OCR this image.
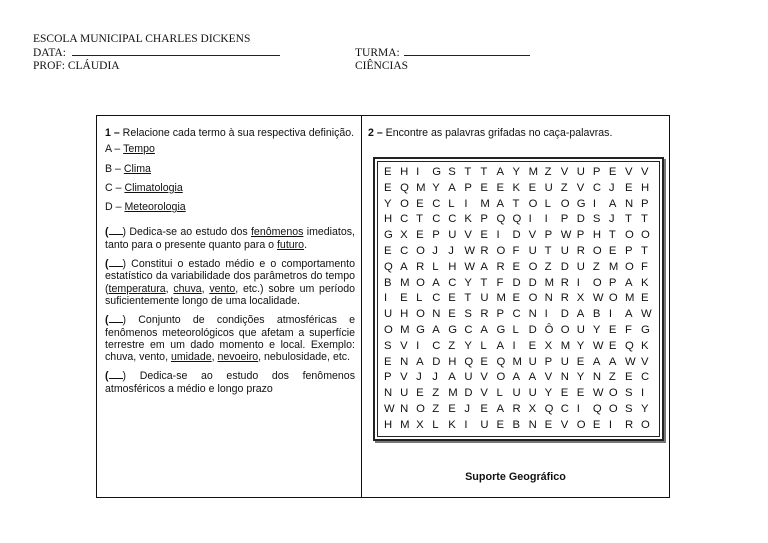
ESCOLA MUNICIPAL CHARLES DICKENS
DATA:
PROF: CLÁUDIA
TURMA:
CIÊNCIAS
1 – Relacione cada termo à sua respectiva definição.
A – Tempo
B – Clima
C – Climatologia
D – Meteorologia
( ) Dedica-se ao estudo dos fenômenos imediatos, tanto para o presente quanto para o futuro.
( ) Constitui o estado médio e o comportamento estatístico da variabilidade dos parâmetros do tempo (temperatura, chuva, vento, etc.) sobre um período suficientemente longo de uma localidade.
( ) Conjunto de condições atmosféricas e fenômenos meteorológicos que afetam a superfície terrestre em um dado momento e local. Exemplo: chuva, vento, umidade, nevoeiro, nebulosidade, etc.
( ) Dedica-se ao estudo dos fenômenos atmosféricos a médio e longo prazo
2 – Encontre as palavras grifadas no caça-palavras.
E H I	G S T T A Y M Z V U P E V V
E Q M Y A P E E K E U Z V C J E H
Y O E C L I	M A T O L O G I	A N P
H C T C C K P Q Q I	I	P D S J T T
G X E P U V E I	D V P W P H T O O
E C O J J W R O F U T U R O E P T
Q A R L H W A R E O Z D U Z M O F
B M O A C Y T F D D M R I	O P A K
I	E L C E T U M E O N R X W O M E
U H O N E S R P C N I	D A B I	A W
O M G A G C A G L D Ô O U Y E F G
S V I	C Z Y L A I	E X M Y W E Q K
E N A D H Q E Q M U P U E A A W V
P V J J A U V O A A V N Y N Z E C
N U E Z M D V L U U Y E E W O S I
W N O Z E J E A R X Q C I	Q O S Y
H M X L K I	U E B N E V O E I	R O
Suporte Geográfico
